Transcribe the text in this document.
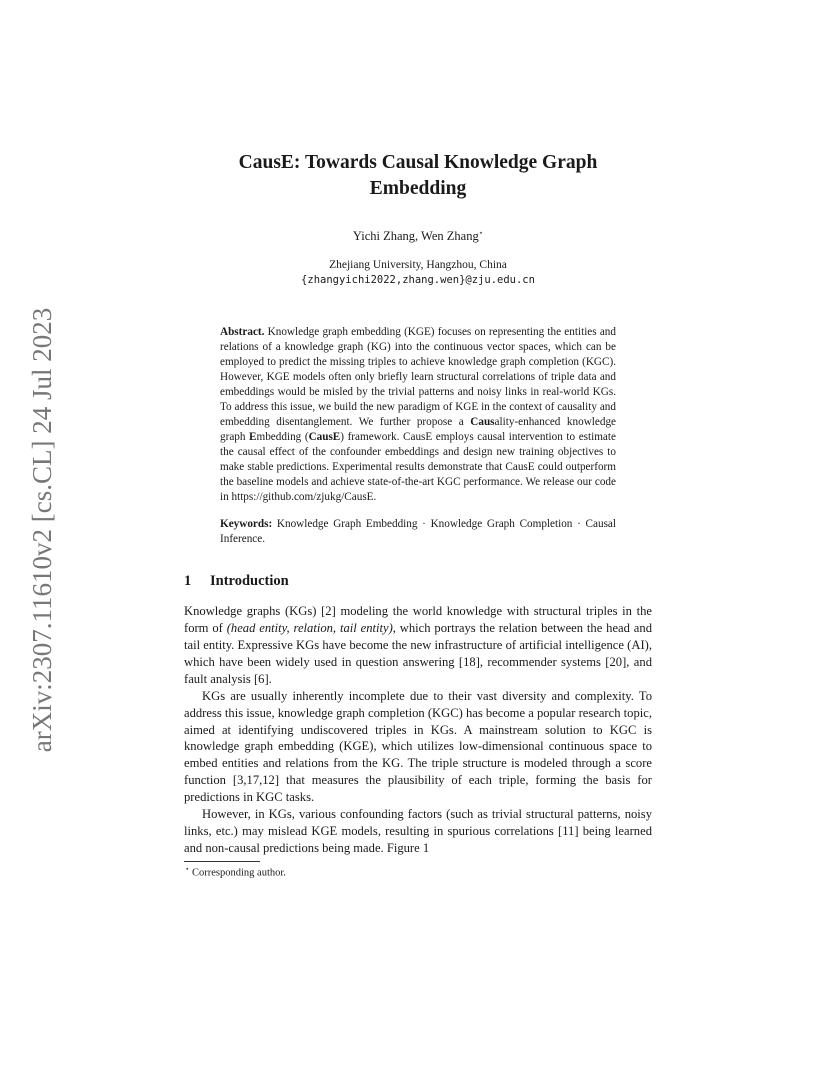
arXiv:2307.11610v2 [cs.CL] 24 Jul 2023
CausE: Towards Causal Knowledge Graph
Embedding
Yichi Zhang, Wen Zhang⋆
Zhejiang University, Hangzhou, China
{zhangyichi2022,zhang.wen}@zju.edu.cn
Abstract. Knowledge graph embedding (KGE) focuses on representing the entities and relations of a knowledge graph (KG) into the continuous vector spaces, which can be employed to predict the missing triples to achieve knowledge graph completion (KGC). However, KGE models often only briefly learn structural correlations of triple data and embeddings would be misled by the trivial patterns and noisy links in real-world KGs. To address this issue, we build the new paradigm of KGE in the context of causality and embedding disentanglement. We further propose a Causality-enhanced knowledge graph Embedding (CausE) framework. CausE employs causal intervention to estimate the causal effect of the confounder embeddings and design new training objectives to make stable predictions. Experimental results demonstrate that CausE could outperform the baseline models and achieve state-of-the-art KGC performance. We release our code in https://github.com/zjukg/CausE.
Keywords: Knowledge Graph Embedding · Knowledge Graph Completion · Causal Inference.
1 Introduction

Knowledge graphs (KGs) [2] modeling the world knowledge with structural triples in the form of (head entity, relation, tail entity), which portrays the relation between the head and tail entity. Expressive KGs have become the new infrastructure of artificial intelligence (AI), which have been widely used in question answering [18], recommender systems [20], and fault analysis [6].

KGs are usually inherently incomplete due to their vast diversity and complexity. To address this issue, knowledge graph completion (KGC) has become a popular research topic, aimed at identifying undiscovered triples in KGs. A mainstream solution to KGC is knowledge graph embedding (KGE), which utilizes low-dimensional continuous space to embed entities and relations from the KG. The triple structure is modeled through a score function [3,17,12] that measures the plausibility of each triple, forming the basis for predictions in KGC tasks.

However, in KGs, various confounding factors (such as trivial structural patterns, noisy links, etc.) may mislead KGE models, resulting in spurious correlations [11] being learned and non-causal predictions being made. Figure 1

⋆ Corresponding author.
